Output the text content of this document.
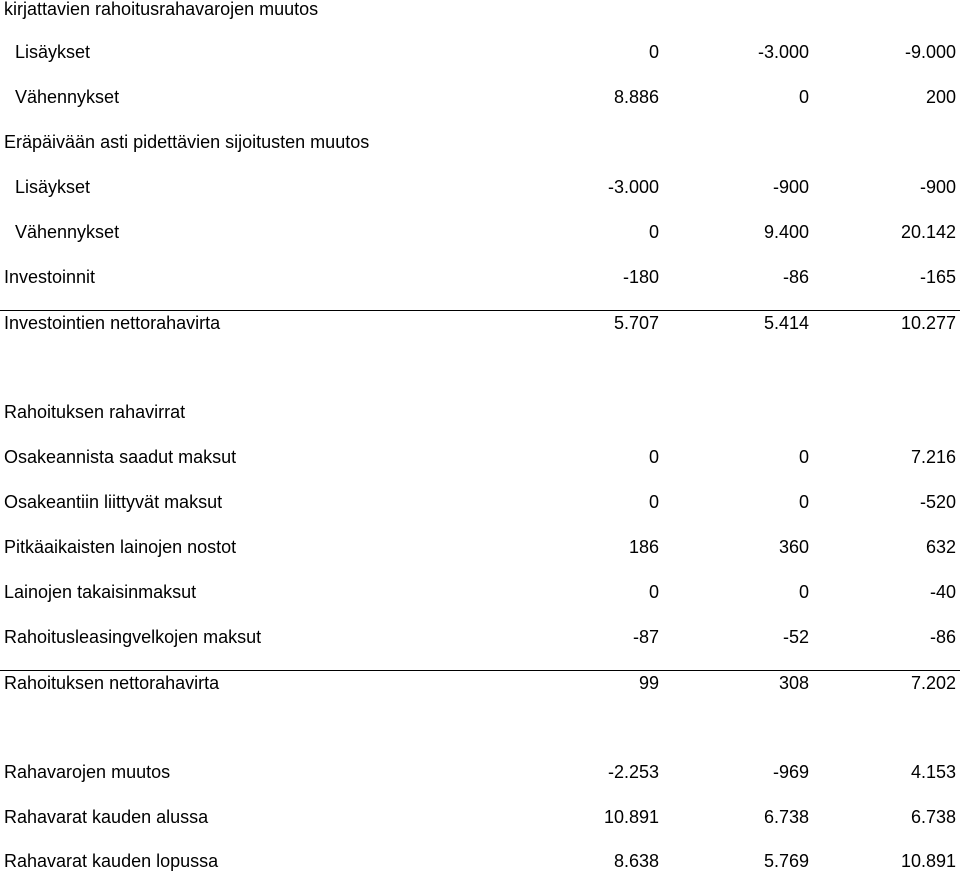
kirjattavien rahoitusrahavarojen muutos
Lisäykset	0	-3.000	-9.000
Vähennykset	8.886	0	200
Eräpäivään asti pidettävien sijoitusten muutos
Lisäykset	-3.000	-900	-900
Vähennykset	0	9.400	20.142
Investoinnit	-180	-86	-165
Investointien nettorahavirta	5.707	5.414	10.277
Rahoituksen rahavirrat
Osakeannista saadut maksut	0	0	7.216
Osakeantiin liittyvät maksut	0	0	-520
Pitkäaikaisten lainojen nostot	186	360	632
Lainojen takaisinmaksut	0	0	-40
Rahoitusleasingvelkojen maksut	-87	-52	-86
Rahoituksen nettorahavirta	99	308	7.202
Rahavarojen muutos	-2.253	-969	4.153
Rahavarat kauden alussa	10.891	6.738	6.738
Rahavarat kauden lopussa	8.638	5.769	10.891
